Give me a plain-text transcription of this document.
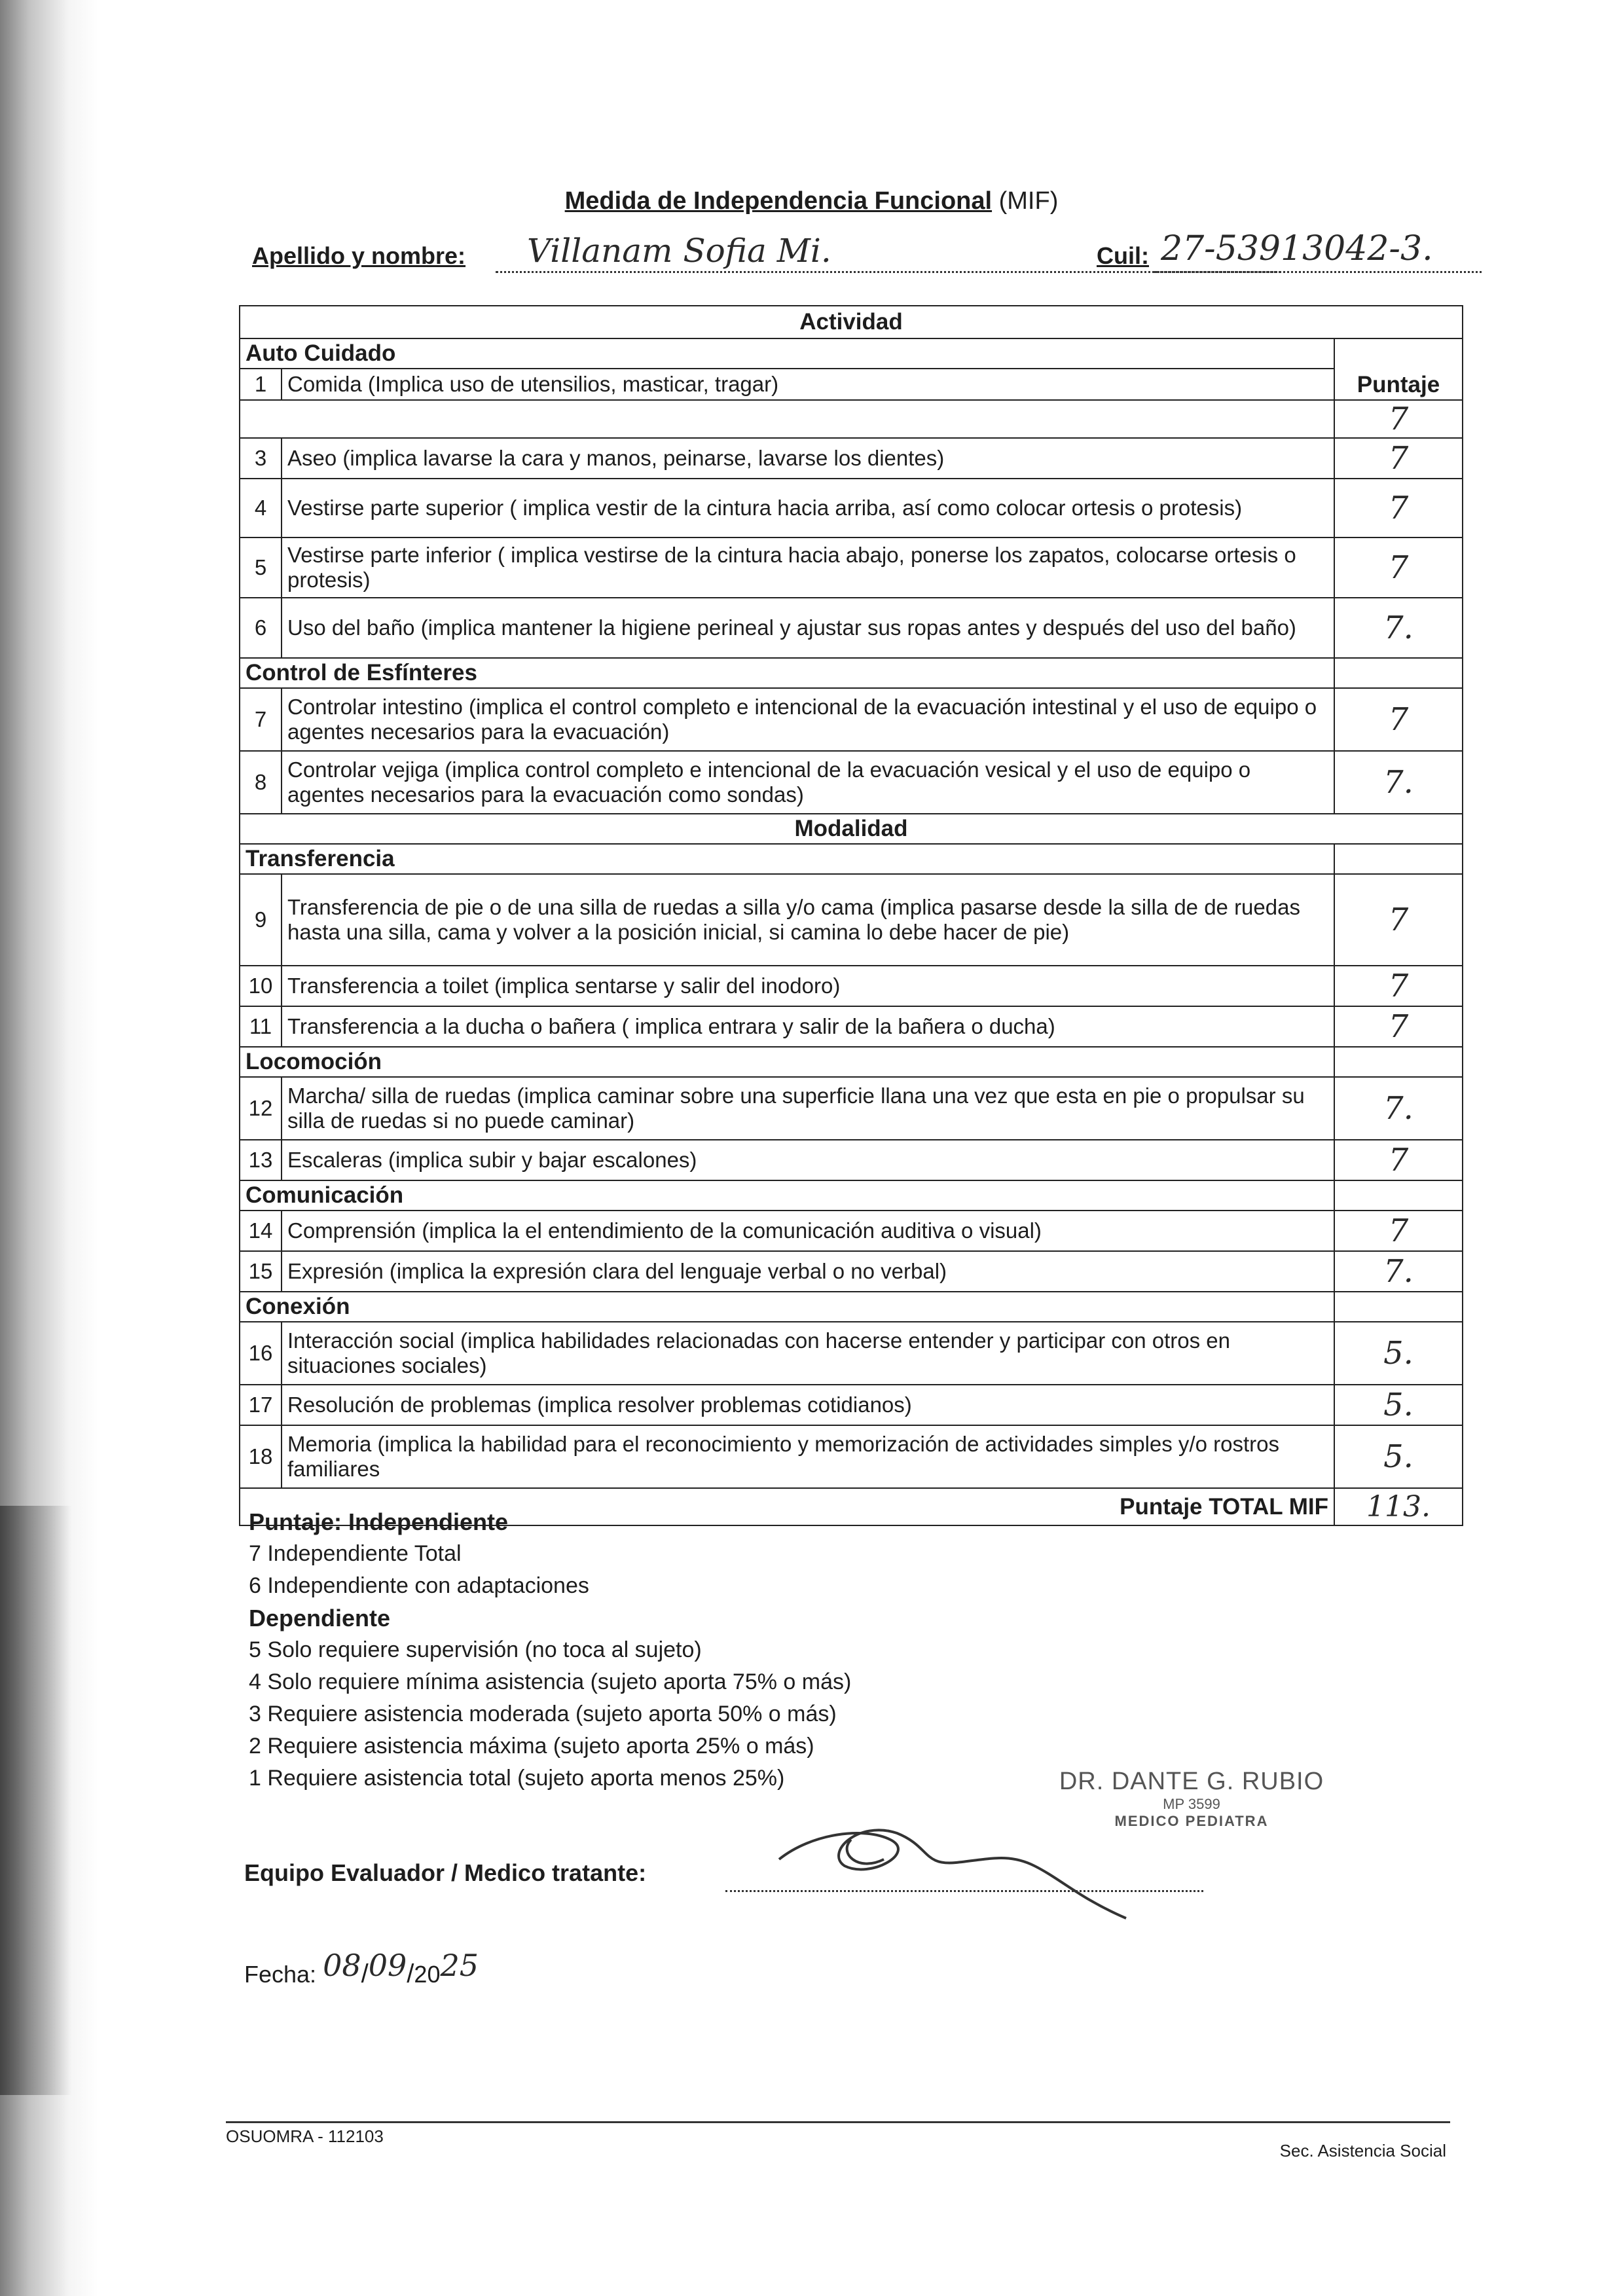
Medida de Independencia Funcional (MIF)
Apellido y nombre: Villanam Sofia Mi.	Cuil: 27-53913042-3.
Actividad		
Auto Cuidado		Puntaje
1	Comida (Implica uso de utensilios, masticar, tragar)	
		7
3	Aseo (implica lavarse la cara y manos, peinarse, lavarse los dientes)	7
4	Vestirse parte superior ( implica vestir de la cintura hacia arriba, así como colocar ortesis o protesis)	7
5	Vestirse parte inferior ( implica vestirse de la cintura hacia abajo, ponerse los zapatos, colocarse ortesis o protesis)	7
6	Uso del baño (implica mantener la higiene perineal y ajustar sus ropas antes y después del uso del baño)	7.
Control de Esfínteres		
7	Controlar intestino (implica el control completo e intencional de la evacuación intestinal y el uso de equipo o agentes necesarios para la evacuación)	7
8	Controlar vejiga (implica control completo e intencional de la evacuación vesical y el uso de equipo o agentes necesarios para la evacuación como sondas)	7.
Modalidad		
Transferencia		
9	Transferencia de pie o de una silla de ruedas a silla y/o cama (implica pasarse desde la silla de de ruedas hasta una silla, cama y volver a la posición inicial, si camina lo debe hacer de pie)	7
10	Transferencia a toilet (implica sentarse y salir del inodoro)	7
11	Transferencia a la ducha o bañera ( implica entrara y salir de la bañera o ducha)	7
Locomoción		
12	Marcha/ silla de ruedas (implica caminar sobre una superficie llana una vez que esta en pie o propulsar su silla de ruedas si no puede caminar)	7.
13	Escaleras (implica subir y bajar escalones)	7
Comunicación		
14	Comprensión (implica la el entendimiento de la comunicación auditiva o visual)	7
15	Expresión (implica la expresión clara del lenguaje verbal o no verbal)	7.
Conexión		
16	Interacción social (implica habilidades relacionadas con hacerse entender y participar con otros en situaciones sociales)	5.
17	Resolución de problemas (implica resolver problemas cotidianos)	5.
18	Memoria (implica la habilidad para el reconocimiento y memorización de actividades simples y/o rostros familiares	5.
Puntaje TOTAL MIF		113.
Puntaje: Independiente
7 Independiente Total
6 Independiente con adaptaciones
Dependiente
5 Solo requiere supervisión (no toca al sujeto)
4 Solo requiere mínima asistencia (sujeto aporta 75% o más)
3 Requiere asistencia moderada (sujeto aporta 50% o más)
2 Requiere asistencia máxima (sujeto aporta 25% o más)
1 Requiere asistencia total (sujeto aporta menos 25%)	DR. DANTE G. RUBIO
MP 3599
MEDICO PEDIATRA
Equipo Evaluador / Medico tratante:
Fecha: 08/09/2025
OSUOMRA - 112103
Sec. Asistencia Social
